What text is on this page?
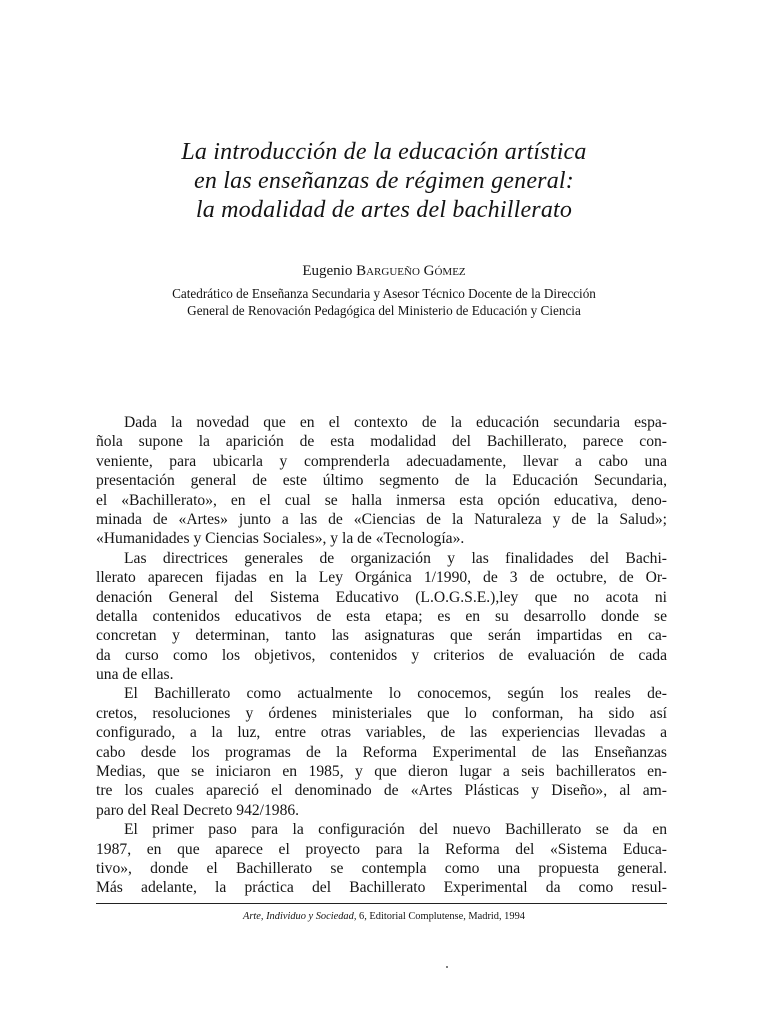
La introducción de la educación artística
en las enseñanzas de régimen general:
la modalidad de artes del bachillerato
Eugenio Bargueño Gómez
Catedrático de Enseñanza Secundaria y Asesor Técnico Docente de la Dirección
General de Renovación Pedagógica del Ministerio de Educación y Ciencia
Dada la novedad que en el contexto de la educación secundaria espa-
ñola supone la aparición de esta modalidad del Bachillerato, parece con-
veniente, para ubicarla y comprenderla adecuadamente, llevar a cabo una
presentación general de este último segmento de la Educación Secundaria,
el «Bachillerato», en el cual se halla inmersa esta opción educativa, deno-
minada de «Artes» junto a las de «Ciencias de la Naturaleza y de la Salud»;
«Humanidades y Ciencias Sociales», y la de «Tecnología».
Las directrices generales de organización y las finalidades del Bachi-
llerato aparecen fijadas en la Ley Orgánica 1/1990, de 3 de octubre, de Or-
denación General del Sistema Educativo (L.O.G.S.E.),ley que no acota ni
detalla contenidos educativos de esta etapa; es en su desarrollo donde se
concretan y determinan, tanto las asignaturas que serán impartidas en ca-
da curso como los objetivos, contenidos y criterios de evaluación de cada
una de ellas.
El Bachillerato como actualmente lo conocemos, según los reales de-
cretos, resoluciones y órdenes ministeriales que lo conforman, ha sido así
configurado, a la luz, entre otras variables, de las experiencias llevadas a
cabo desde los programas de la Reforma Experimental de las Enseñanzas
Medias, que se iniciaron en 1985, y que dieron lugar a seis bachilleratos en-
tre los cuales apareció el denominado de «Artes Plásticas y Diseño», al am-
paro del Real Decreto 942/1986.
El primer paso para la configuración del nuevo Bachillerato se da en
1987, en que aparece el proyecto para la Reforma del «Sistema Educa-
tivo», donde el Bachillerato se contempla como una propuesta general.
Más adelante, la práctica del Bachillerato Experimental da como resul-
Arte, Individuo y Sociedad, 6, Editorial Complutense, Madrid, 1994
